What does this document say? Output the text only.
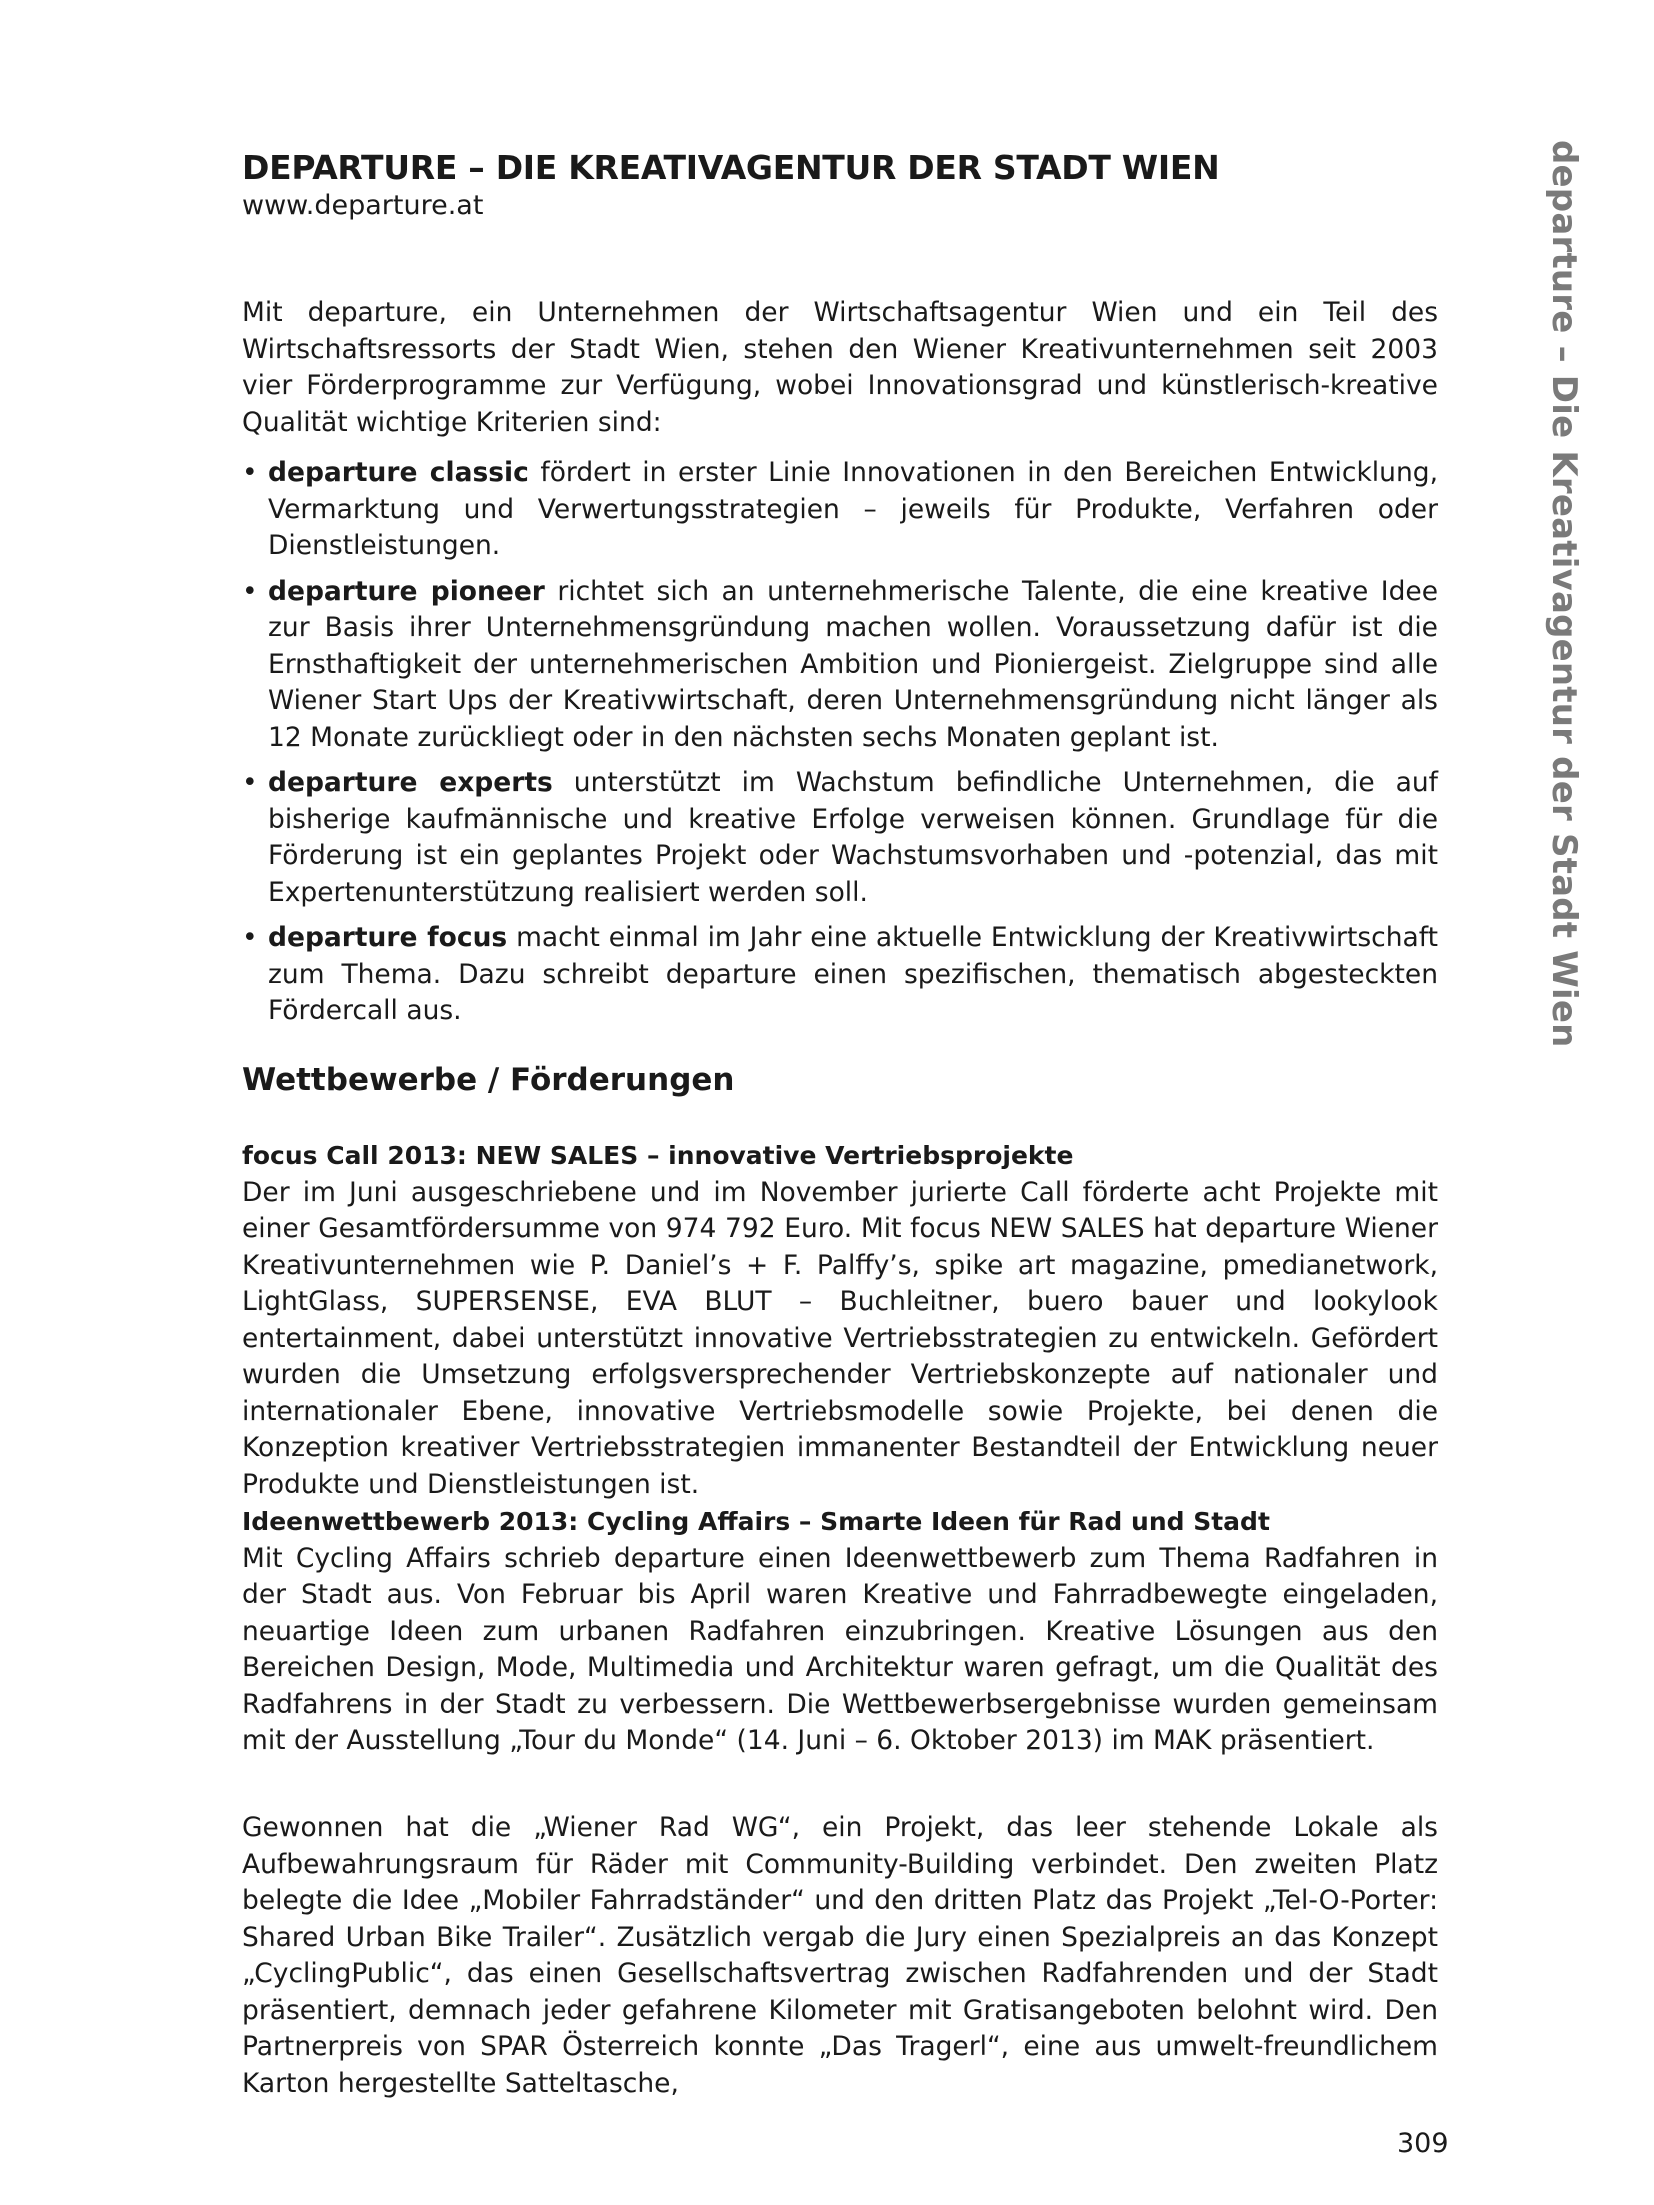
departure – Die Kreativagentur der Stadt Wien
DEPARTURE – DIE KREATIVAGENTUR DER STADT WIEN
www.departure.at

Mit departure, ein Unternehmen der Wirtschaftsagentur Wien und ein Teil des Wirtschaftsressorts der Stadt Wien, stehen den Wiener Kreativunternehmen seit 2003 vier Förderprogramme zur Verfügung, wobei Innovationsgrad und künstlerisch-kreative Qualität wichtige Kriterien sind:

• departure classic fördert in erster Linie Innovationen in den Bereichen Entwicklung, Vermarktung und Verwertungsstrategien – jeweils für Produkte, Verfahren oder Dienstleistungen.
• departure pioneer richtet sich an unternehmerische Talente, die eine kreative Idee zur Basis ihrer Unternehmensgründung machen wollen. Voraussetzung dafür ist die Ernsthaftigkeit der unternehmerischen Ambition und Pioniergeist. Zielgruppe sind alle Wiener Start Ups der Kreativwirtschaft, deren Unternehmensgründung nicht länger als 12 Monate zurückliegt oder in den nächsten sechs Monaten geplant ist.
• departure experts unterstützt im Wachstum befindliche Unternehmen, die auf bisherige kaufmännische und kreative Erfolge verweisen können. Grundlage für die Förderung ist ein geplantes Projekt oder Wachstumsvorhaben und -potenzial, das mit Expertenunterstützung realisiert werden soll.
• departure focus macht einmal im Jahr eine aktuelle Entwicklung der Kreativwirtschaft zum Thema. Dazu schreibt departure einen spezifischen, thematisch abgesteckten Fördercall aus.
Wettbewerbe / Förderungen

focus Call 2013: NEW SALES – innovative Vertriebsprojekte

Der im Juni ausgeschriebene und im November jurierte Call förderte acht Projekte mit einer Gesamtfördersumme von 974 792 Euro. Mit focus NEW SALES hat departure Wiener Kreativunternehmen wie P. Daniel’s + F. Palffy’s, spike art magazine, pmedianetwork, LightGlass, SUPERSENSE, EVA BLUT – Buchleitner, buero bauer und lookylook entertainment, dabei unterstützt innovative Vertriebsstrategien zu entwickeln. Gefördert wurden die Umsetzung erfolgsversprechender Vertriebskonzepte auf nationaler und internationaler Ebene, innovative Vertriebsmodelle sowie Projekte, bei denen die Konzeption kreativer Vertriebsstrategien immanenter Bestandteil der Entwicklung neuer Produkte und Dienstleistungen ist.

Ideenwettbewerb 2013: Cycling Affairs – Smarte Ideen für Rad und Stadt

Mit Cycling Affairs schrieb departure einen Ideenwettbewerb zum Thema Radfahren in der Stadt aus. Von Februar bis April waren Kreative und Fahrradbewegte eingeladen, neuartige Ideen zum urbanen Radfahren einzubringen. Kreative Lösungen aus den Bereichen Design, Mode, Multimedia und Architektur waren gefragt, um die Qualität des Radfahrens in der Stadt zu verbessern. Die Wettbewerbsergebnisse wurden gemeinsam mit der Ausstellung „Tour du Monde“ (14. Juni – 6. Oktober 2013) im MAK präsentiert.

Gewonnen hat die „Wiener Rad WG“, ein Projekt, das leer stehende Lokale als Aufbewahrungsraum für Räder mit Community-Building verbindet. Den zweiten Platz belegte die Idee „Mobiler Fahrradständer“ und den dritten Platz das Projekt „Tel-O-Porter: Shared Urban Bike Trailer“. Zusätzlich vergab die Jury einen Spezialpreis an das Konzept „CyclingPublic“, das einen Gesellschaftsvertrag zwischen Radfahrenden und der Stadt präsentiert, demnach jeder gefahrene Kilometer mit Gratisangeboten belohnt wird. Den Partnerpreis von SPAR Österreich konnte „Das Tragerl“, eine aus umwelt-freundlichem Karton hergestellte Satteltasche,

309
